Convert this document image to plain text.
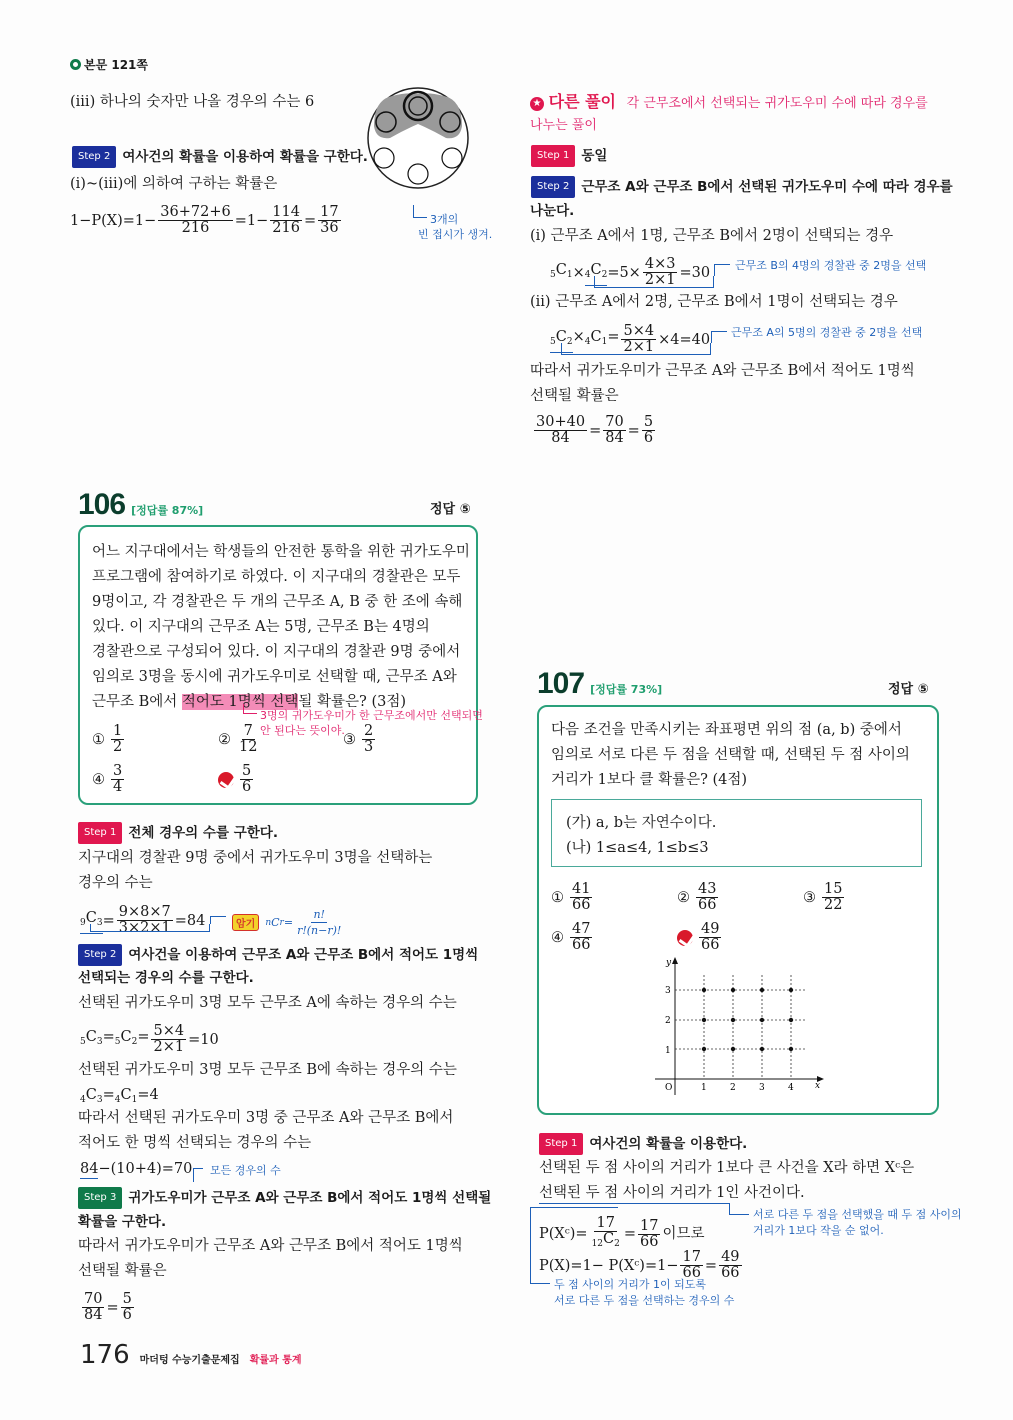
본문 121쪽
(iii) 하나의 숫자만 나올 경우의 수는 6
Step 2 여사건의 확률을 이용하여 확률을 구한다.
(ⅰ)~(iii)에 의하여 구하는 확률은
$1-P(X)=1- \frac{36+72+6}{216} =1- \frac{114}{216} = \frac{17}{36}$	3개의
빈 접시가 생겨.
★ 다른 풀이 각 근무조에서 선택되는 귀가도우미 수에 따라 경우를
나누는 풀이
Step 1 동일
Step 2 근무조 A와 근무조 B에서 선택된 귀가도우미 수에 따라 경우를
나눈다.
(ⅰ) 근무조 A에서 1명, 근무조 B에서 2명이 선택되는 경우
$_5C_1 \times _4C_2 =5\times \frac{4\times 3}{2\times 1} =30$ 근무조 B의 4명의 경찰관 중 2명을 선택
(ⅱ) 근무조 A에서 2명, 근무조 B에서 1명이 선택되는 경우
$_5C_2 \times_4C_1= \frac{5\times 4}{2\times 1} \times 4=40$ 근무조 A의 5명의 경찰관 중 2명을 선택
따라서 귀가도우미가 근무조 A와 근무조 B에서 적어도 1명씩
선택될 확률은
$\frac{30+40}{84} = \frac{70}{84} = \frac{5}{6}$
106 [정답률 87%]	정답 ⑤
어느 지구대에서는 학생들의 안전한 통학을 위한 귀가도우미
프로그램에 참여하기로 하였다. 이 지구대의 경찰관은 모두
9명이고, 각 경찰관은 두 개의 근무조 A, B 중 한 조에 속해
있다. 이 지구대의 근무조 A는 5명, 근무조 B는 4명의
경찰관으로 구성되어 있다. 이 지구대의 경찰관 9명 중에서
임의로 3명을 동시에 귀가도우미로 선택할 때, 근무조 A와
근무조 B에서 적어도 1명씩 선택될 확률은? (3점)
3명의 귀가도우미가 한 근무조에서만 선택되면
안 된다는 뜻이야.
① $\frac{1}{2}$	② $\frac{7}{12}$	③ $\frac{2}{3}$
④ $\frac{3}{4}$	$\frac{5}{6}$
Step 1 전체 경우의 수를 구한다.
지구대의 경찰관 9명 중에서 귀가도우미 3명을 선택하는
경우의 수는
$_9C_3 = \frac{9\times 8\times 7}{3\times 2\times 1} =84$	암기	n C $r = \frac{n!}{r!(n-r)!}$
Step 2 여사건을 이용하여 근무조 A와 근무조 B에서 적어도 1명씩
선택되는 경우의 수를 구한다.
선택된 귀가도우미 3명 모두 근무조 A에 속하는 경우의 수는
$_5C_3=_5C_2= \frac{5\times 4}{2\times 1} =10$
선택된 귀가도우미 3명 모두 근무조 B에 속하는 경우의 수는
$_4C_3=_4C_1=4$
따라서 선택된 귀가도우미 3명 중 근무조 A와 근무조 B에서
적어도 한 명씩 선택되는 경우의 수는
84−(10+4)=70 모든 경우의 수
Step 3 귀가도우미가 근무조 A와 근무조 B에서 적어도 1명씩 선택될
확률을 구한다.
따라서 귀가도우미가 근무조 A와 근무조 B에서 적어도 1명씩
선택될 확률은
$\frac{70}{84} = \frac{5}{6}$
107 [정답률 73%]	정답 ⑤
다음 조건을 만족시키는 좌표평면 위의 점 (a, b) 중에서
임의로 서로 다른 두 점을 선택할 때, 선택된 두 점 사이의
거리가 1보다 클 확률은? (4점)
(가) a, b는 자연수이다.
(나) 1≤a≤4, 1≤b≤3
① $\frac{41}{66}$	② $\frac{43}{66}$	③ $\frac{15}{22}$
④ $\frac{47}{66}$	$\frac{49}{66}$
y
x
O	1	2	3	4
1
2
3
Step 1 여사건의 확률을 이용한다.
선택된 두 점 사이의 거리가 1보다 큰 사건을 X라 하면 Xᶜ은
선택된 두 점 사이의 거리가 1인 사건이다.
서로 다른 두 점을 선택했을 때 두 점 사이의
거리가 1보다 작을 순 없어.
P(Xᶜ)= $\frac{17}{_{12}C_2} = \frac{17}{66}$ 이므로
P(X)=1− P(Xᶜ)=1− $\frac{17}{66} = \frac{49}{66}$
두 점 사이의 거리가 1이 되도록
서로 다른 두 점을 선택하는 경우의 수
176 마더텅 수능기출문제집 확률과 통계
